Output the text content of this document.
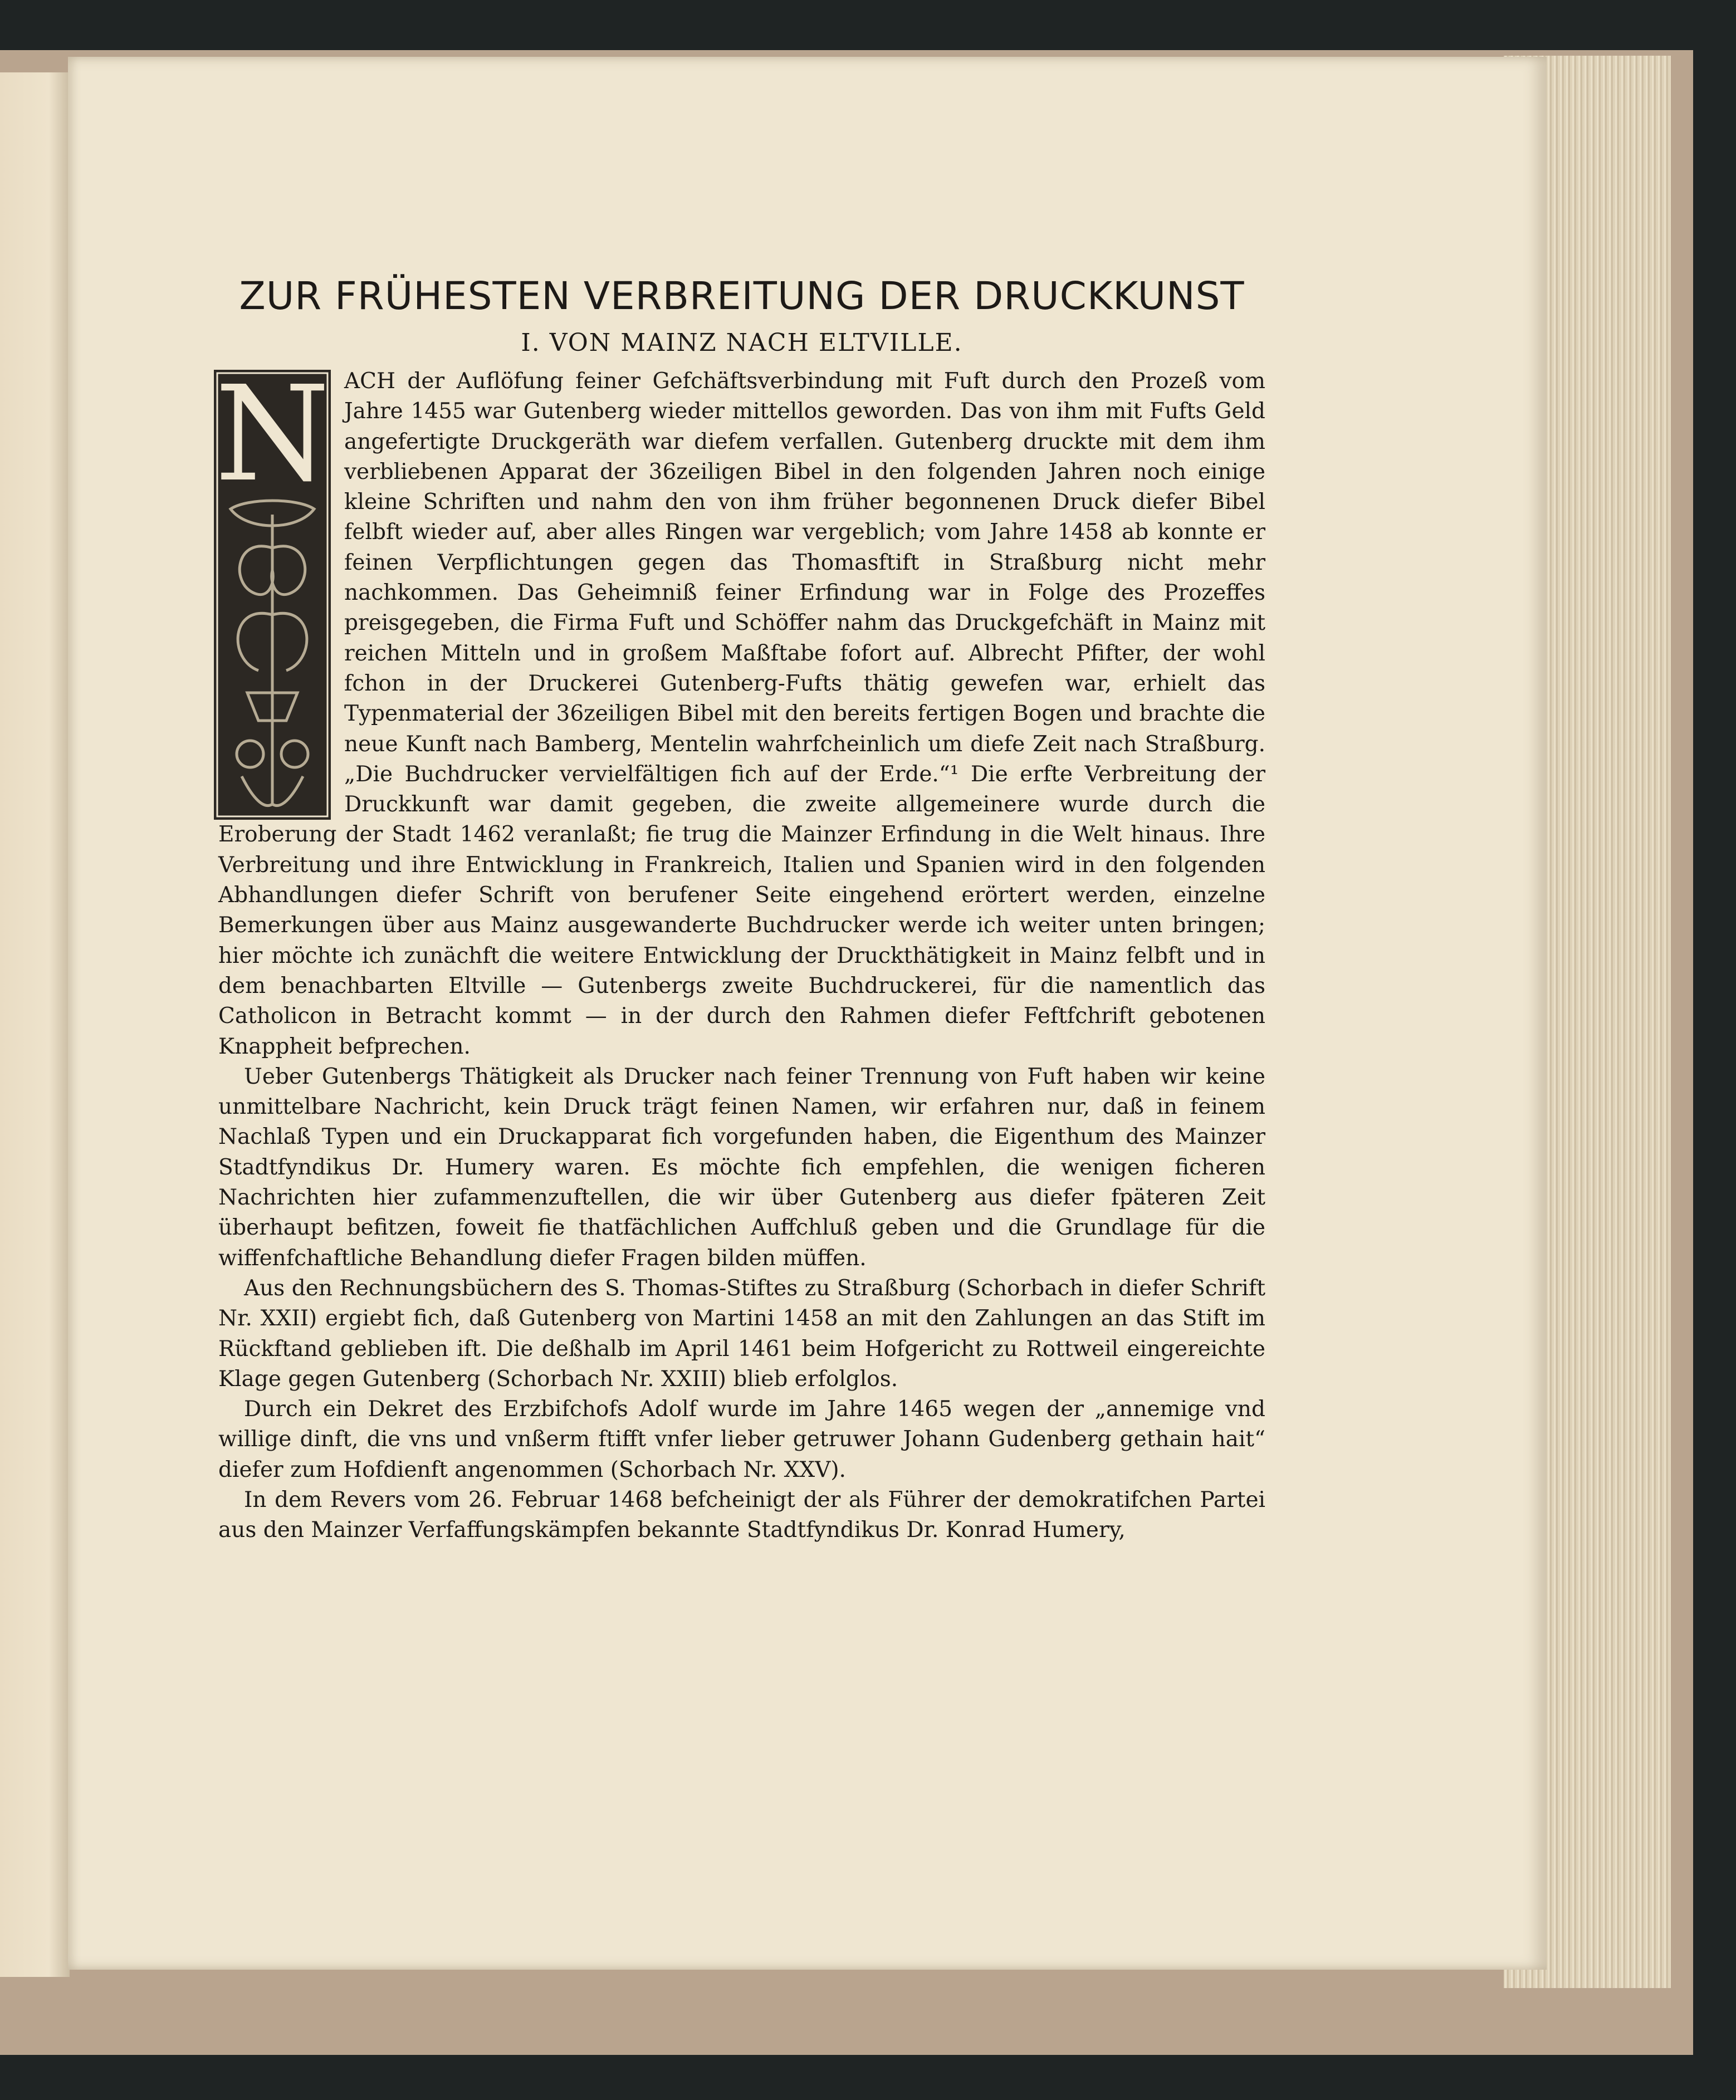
ZUR FRÜHESTEN VERBREITUNG DER DRUCKKUNST
I. VON MAINZ NACH ELTVILLE.
N ACH der Auflöfung feiner Gefchäftsverbindung mit Fuft durch den Prozeß vom Jahre 1455 war Gutenberg wieder mittellos geworden. Das von ihm mit Fufts Geld angefertigte Druckgeräth war diefem verfallen. Gutenberg druckte mit dem ihm verbliebenen Apparat der 36zeiligen Bibel in den folgenden Jahren noch einige kleine Schriften und nahm den von ihm früher begonnenen Druck diefer Bibel felbft wieder auf, aber alles Ringen war vergeblich; vom Jahre 1458 ab konnte er feinen Verpflichtungen gegen das Thomasftift in Straßburg nicht mehr nachkommen. Das Geheimniß feiner Erfindung war in Folge des Prozeffes preisgegeben, die Firma Fuft und Schöffer nahm das Druckgefchäft in Mainz mit reichen Mitteln und in großem Maßftabe fofort auf. Albrecht Pfifter, der wohl fchon in der Druckerei Gutenberg-Fufts thätig gewefen war, erhielt das Typenmaterial der 36zeiligen Bibel mit den bereits fertigen Bogen und brachte die neue Kunft nach Bamberg, Mentelin wahrfcheinlich um diefe Zeit nach Straßburg. „Die Buchdrucker vervielfältigen fich auf der Erde.“¹ Die erfte Verbreitung der Druckkunft war damit gegeben, die zweite allgemeinere wurde durch die Eroberung der Stadt 1462 veranlaßt; fie trug die Mainzer Erfindung in die Welt hinaus. Ihre Verbreitung und ihre Entwicklung in Frankreich, Italien und Spanien wird in den folgenden Abhandlungen diefer Schrift von berufener Seite eingehend erörtert werden, einzelne Bemerkungen über aus Mainz ausgewanderte Buchdrucker werde ich weiter unten bringen; hier möchte ich zunächft die weitere Entwicklung der Druckthätigkeit in Mainz felbft und in dem benachbarten Eltville — Gutenbergs zweite Buchdruckerei, für die namentlich das Catholicon in Betracht kommt — in der durch den Rahmen diefer Feftfchrift gebotenen Knappheit befprechen.

Ueber Gutenbergs Thätigkeit als Drucker nach feiner Trennung von Fuft haben wir keine unmittelbare Nachricht, kein Druck trägt feinen Namen, wir erfahren nur, daß in feinem Nachlaß Typen und ein Druckapparat fich vorgefunden haben, die Eigenthum des Mainzer Stadtfyndikus Dr. Humery waren. Es möchte fich empfehlen, die wenigen ficheren Nachrichten hier zufammenzuftellen, die wir über Gutenberg aus diefer fpäteren Zeit überhaupt befitzen, foweit fie thatfächlichen Auffchluß geben und die Grundlage für die wiffenfchaftliche Behandlung diefer Fragen bilden müffen.

Aus den Rechnungsbüchern des S. Thomas-Stiftes zu Straßburg (Schorbach in diefer Schrift Nr. XXII) ergiebt fich, daß Gutenberg von Martini 1458 an mit den Zahlungen an das Stift im Rückftand geblieben ift. Die deßhalb im April 1461 beim Hofgericht zu Rottweil eingereichte Klage gegen Gutenberg (Schorbach Nr. XXIII) blieb erfolglos.

Durch ein Dekret des Erzbifchofs Adolf wurde im Jahre 1465 wegen der „annemige vnd willige dinft, die vns und vnßerm ftifft vnfer lieber getruwer Johann Gudenberg gethain hait“ diefer zum Hofdienft angenommen (Schorbach Nr. XXV).

In dem Revers vom 26. Februar 1468 befcheinigt der als Führer der demokratifchen Partei aus den Mainzer Verfaffungskämpfen bekannte Stadtfyndikus Dr. Konrad Humery,
